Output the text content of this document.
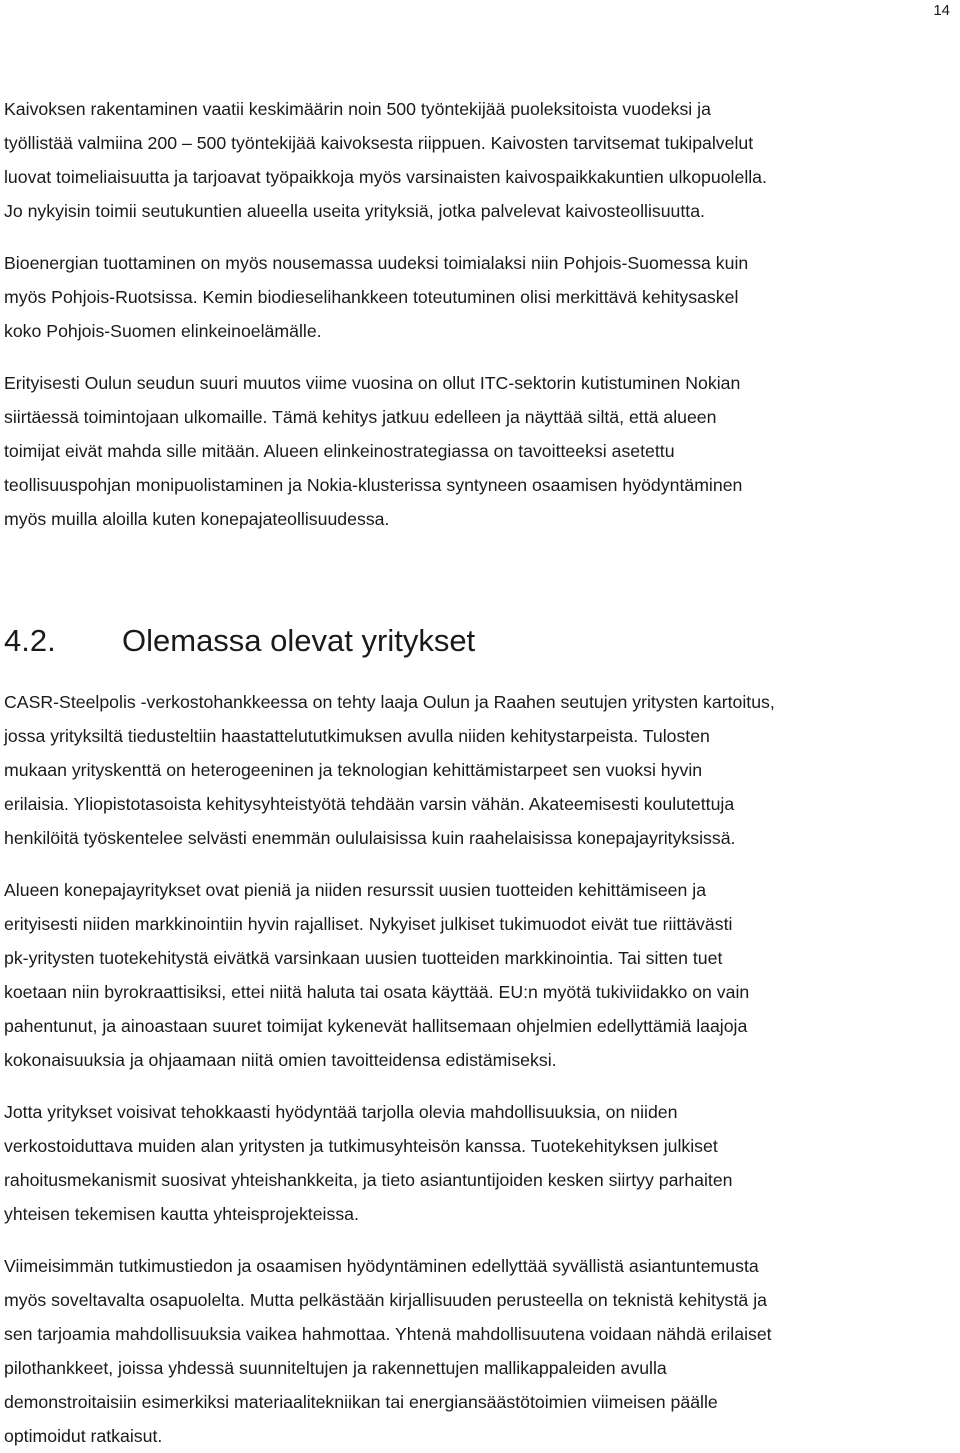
14

Kaivoksen rakentaminen vaatii keskimäärin noin 500 työntekijää puoleksitoista vuodeksi ja
työllistää valmiina 200 – 500 työntekijää kaivoksesta riippuen. Kaivosten tarvitsemat tukipalvelut
luovat toimeliaisuutta ja tarjoavat työpaikkoja myös varsinaisten kaivospaikkakuntien ulkopuolella.
Jo nykyisin toimii seutukuntien alueella useita yrityksiä, jotka palvelevat kaivosteollisuutta.

Bioenergian tuottaminen on myös nousemassa uudeksi toimialaksi niin Pohjois-Suomessa kuin
myös Pohjois-Ruotsissa. Kemin biodieselihankkeen toteutuminen olisi merkittävä kehitysaskel
koko Pohjois-Suomen elinkeinoelämälle.

Erityisesti Oulun seudun suuri muutos viime vuosina on ollut ITC-sektorin kutistuminen Nokian
siirtäessä toimintojaan ulkomaille. Tämä kehitys jatkuu edelleen ja näyttää siltä, että alueen
toimijat eivät mahda sille mitään. Alueen elinkeinostrategiassa on tavoitteeksi asetettu
teollisuuspohjan monipuolistaminen ja Nokia-klusterissa syntyneen osaamisen hyödyntäminen
myös muilla aloilla kuten konepajateollisuudessa.

4.2.	Olemassa olevat yritykset

CASR-Steelpolis -verkostohankkeessa on tehty laaja Oulun ja Raahen seutujen yritysten kartoitus,
jossa yrityksiltä tiedusteltiin haastattelututkimuksen avulla niiden kehitystarpeista. Tulosten
mukaan yrityskenttä on heterogeeninen ja teknologian kehittämistarpeet sen vuoksi hyvin
erilaisia. Yliopistotasoista kehitysyhteistyötä tehdään varsin vähän. Akateemisesti koulutettuja
henkilöitä työskentelee selvästi enemmän oululaisissa kuin raahelaisissa konepajayrityksissä.

Alueen konepajayritykset ovat pieniä ja niiden resurssit uusien tuotteiden kehittämiseen ja
erityisesti niiden markkinointiin hyvin rajalliset. Nykyiset julkiset tukimuodot eivät tue riittävästi
pk-yritysten tuotekehitystä eivätkä varsinkaan uusien tuotteiden markkinointia. Tai sitten tuet
koetaan niin byrokraattisiksi, ettei niitä haluta tai osata käyttää. EU:n myötä tukiviidakko on vain
pahentunut, ja ainoastaan suuret toimijat kykenevät hallitsemaan ohjelmien edellyttämiä laajoja
kokonaisuuksia ja ohjaamaan niitä omien tavoitteidensa edistämiseksi.

Jotta yritykset voisivat tehokkaasti hyödyntää tarjolla olevia mahdollisuuksia, on niiden
verkostoiduttava muiden alan yritysten ja tutkimusyhteisön kanssa. Tuotekehityksen julkiset
rahoitusmekanismit suosivat yhteishankkeita, ja tieto asiantuntijoiden kesken siirtyy parhaiten
yhteisen tekemisen kautta yhteisprojekteissa.

Viimeisimmän tutkimustiedon ja osaamisen hyödyntäminen edellyttää syvällistä asiantuntemusta
myös soveltavalta osapuolelta. Mutta pelkästään kirjallisuuden perusteella on teknistä kehitystä ja
sen tarjoamia mahdollisuuksia vaikea hahmottaa. Yhtenä mahdollisuutena voidaan nähdä erilaiset
pilothankkeet, joissa yhdessä suunniteltujen ja rakennettujen mallikappaleiden avulla
demonstroitaisiin esimerkiksi materiaalitekniikan tai energiansäästötoimien viimeisen päälle
optimoidut ratkaisut.
